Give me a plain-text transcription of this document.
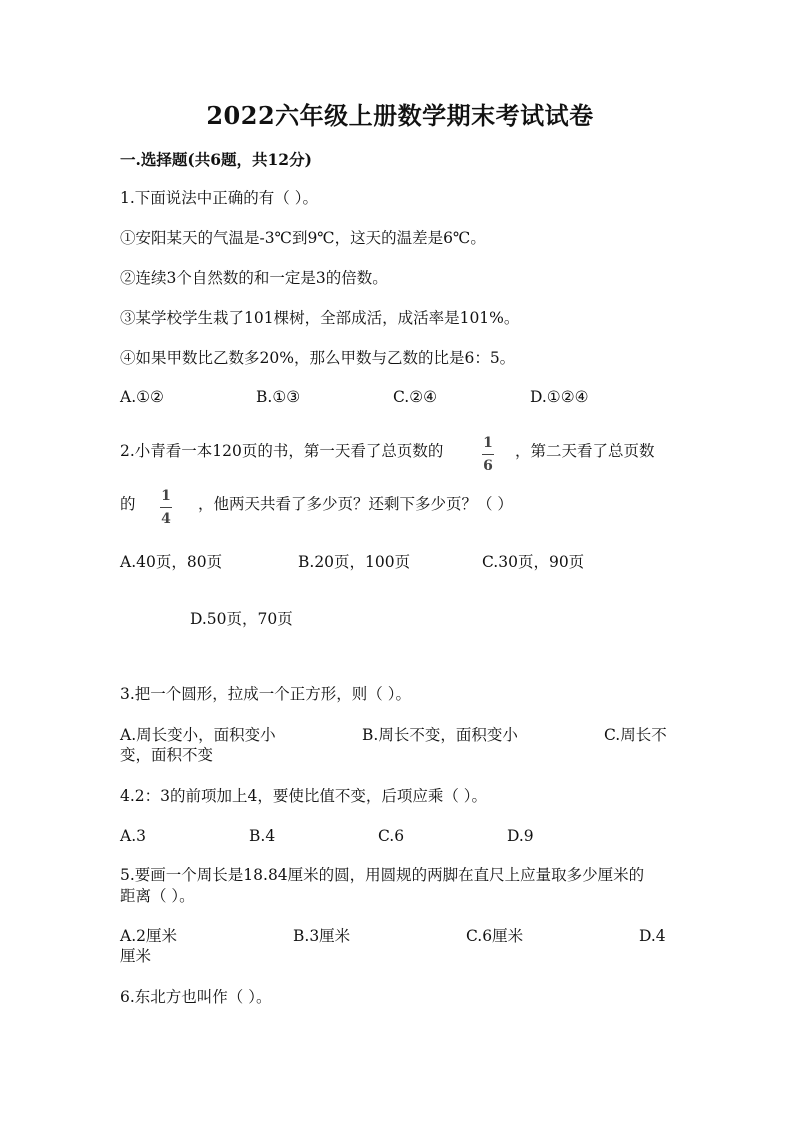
2022六年级上册数学期末考试试卷
一.选择题(共6题，共12分)
1.下面说法中正确的有（ ）。
①安阳某天的气温是-3℃到9℃，这天的温差是6℃。
②连续3个自然数的和一定是3的倍数。
③某学校学生栽了101棵树，全部成活，成活率是101%。
④如果甲数比乙数多20%，那么甲数与乙数的比是6：5。
A.①②	B.①③	C.②④	D.①②④
2.小青看一本120页的书，第一天看了总页数的	1
6
，第二天看了总页数
的 1
4
，他两天共看了多少页？还剩下多少页？（ ）
A.40页，80页	B.20页，100页	C.30页，90页
D.50页，70页
3.把一个圆形，拉成一个正方形，则（ ）。
A.周长变小，面积变小	B.周长不变，面积变小	C.周长不
变，面积不变
4.2：3的前项加上4，要使比值不变，后项应乘（ ）。
A.3	B.4	C.6	D.9
5.要画一个周长是18.84厘米的圆，用圆规的两脚在直尺上应量取多少厘米的
距离（ ）。
A.2厘米	B.3厘米	C.6厘米	D.4
厘米
6.东北方也叫作（ ）。
